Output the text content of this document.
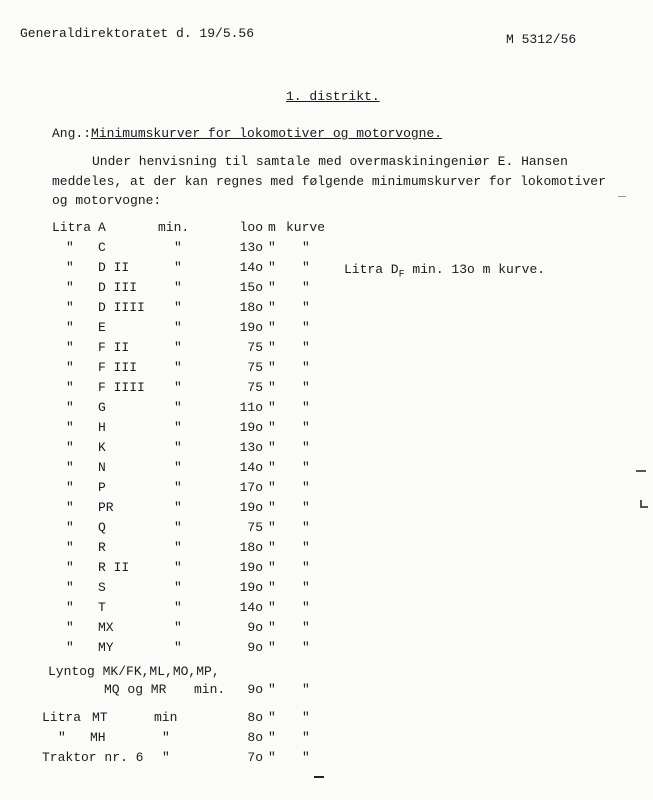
Generaldirektoratet d. 19/5.56	M 5312/56
1. distrikt.
Ang.:Minimumskurver for lokomotiver og motorvogne.
Under henvisning til samtale med overmaskiningeniør E. Hansen
meddeles, at der kan regnes med følgende minimumskurver for lokomotiver
og motorvogne:
Litra A	min.	loo m kurve
" C	"	13o " "
" D II	"	14o " "
" D III	"	15o " "
" D IIII "	18o " "
" E	"	19o " "
" F II	"	75 " "
" F III	"	75 " "
" F IIII "	75 " "
" G	"	11o " "
" H	"	19o " "
" K	"	13o " "
" N	"	14o " "
" P	"	17o " "
" PR	"	19o " "
" Q	"	75 " "
" R	"	18o " "
" R II	"	19o " "
" S	"	19o " "
" T	"	14o " "
" MX	"	9o " "
" MY	"	9o " "
Litra $D_F$ min. 13o m kurve.
Lyntog MK/FK,ML,MO,MP,
MQ og MR min.	9o " "
Litra MT	min	8o " "
" MH	"	8o " "
Traktor nr. 6 "	7o " "
